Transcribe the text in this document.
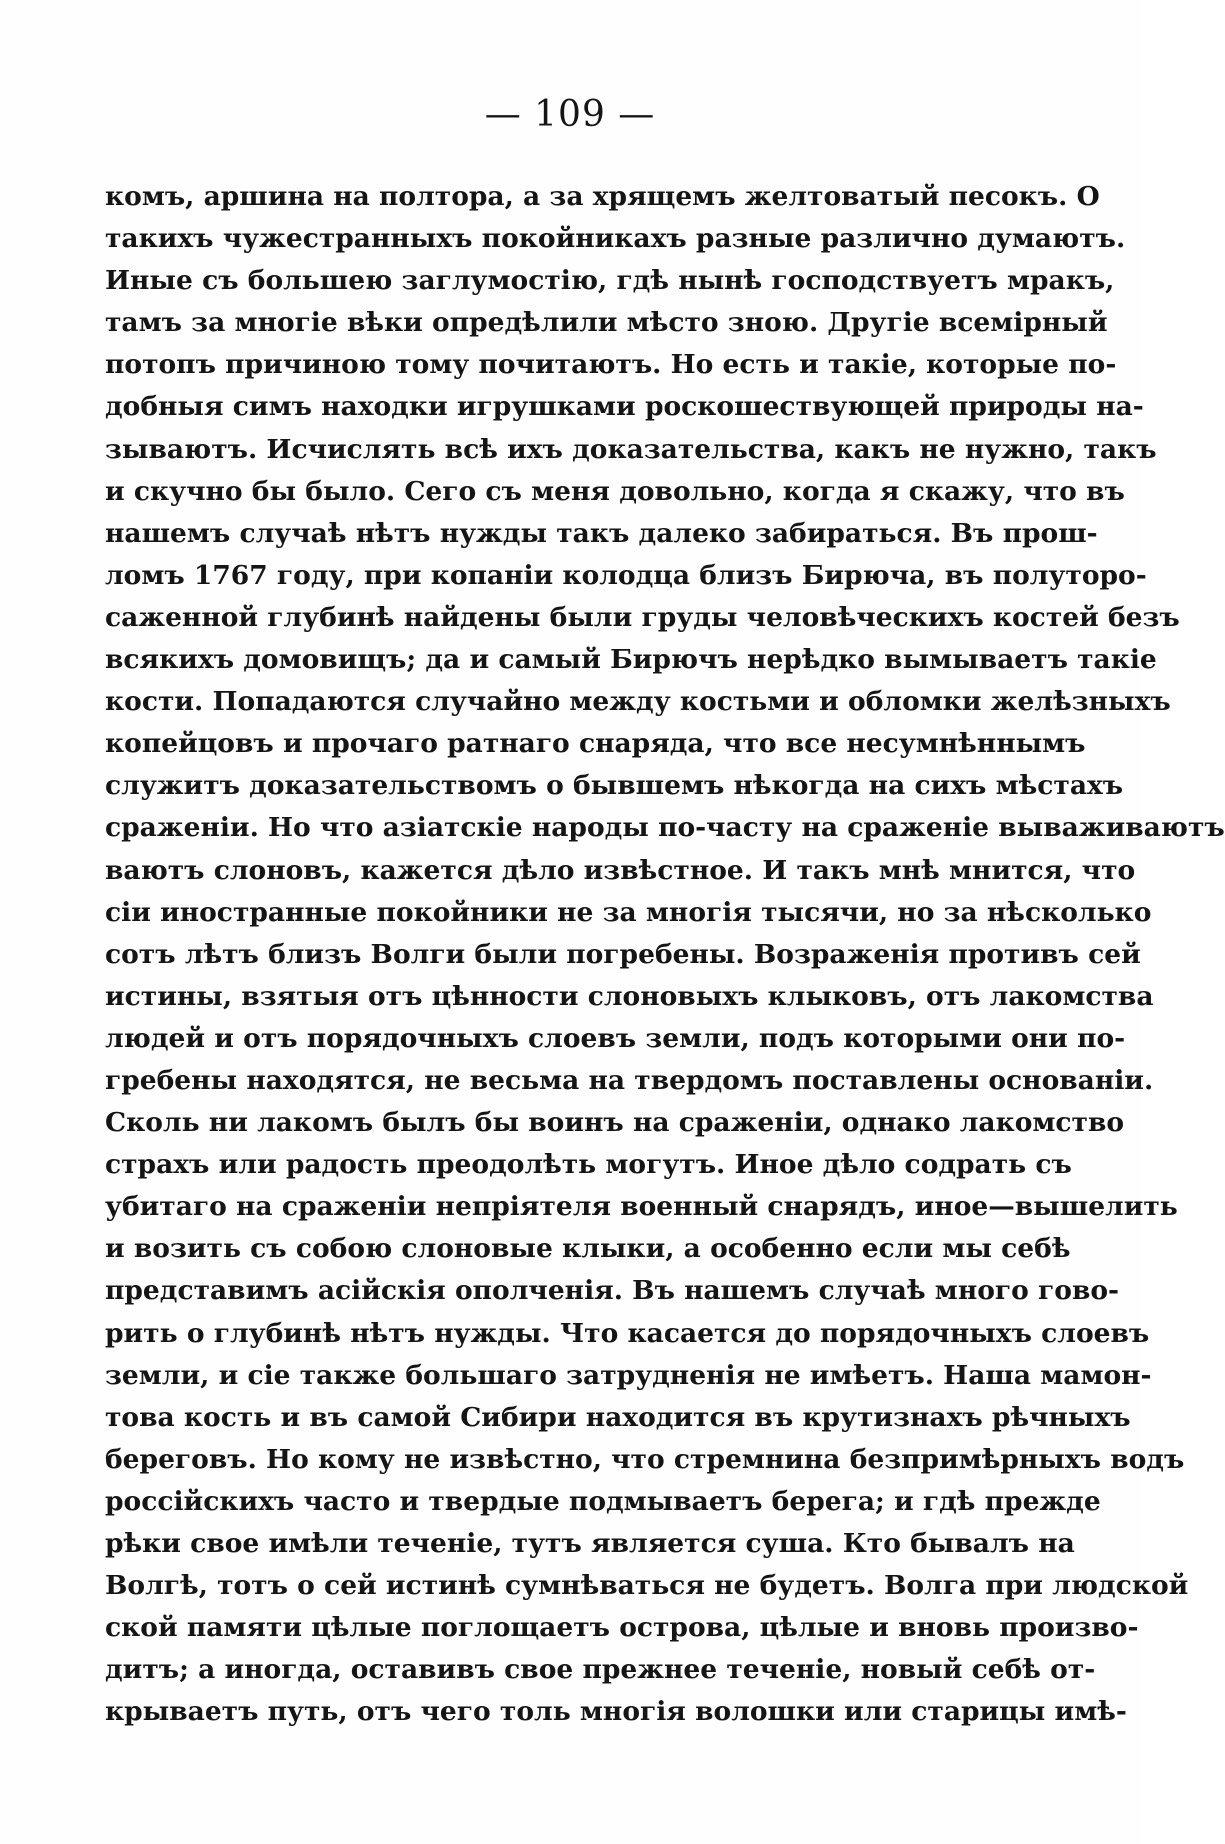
— 109 —
комъ, аршина на полтора, а за хрящемъ желтоватый песокъ. О
такихъ чужестранныхъ покойникахъ разные различно думаютъ.
Иные съ большею заглумостію, гдѣ нынѣ господствуетъ мракъ,
тамъ за многіе вѣки опредѣлили мѣсто зною. Другіе всемірный
потопъ причиною тому почитаютъ. Но есть и такіе, которые по-
добныя симъ находки игрушками роскошествующей природы на-
зываютъ. Исчислять всѣ ихъ доказательства, какъ не нужно, такъ
и скучно бы было. Сего съ меня довольно, когда я скажу, что въ
нашемъ случаѣ нѣтъ нужды такъ далеко забираться. Въ прош-
ломъ 1767 году, при копаніи колодца близъ Бирюча, въ полуторо-
саженной глубинѣ найдены были груды человѣческихъ костей безъ
всякихъ домовищъ; да и самый Бирючъ нерѣдко вымываетъ такіе
кости. Попадаются случайно между костьми и обломки желѣзныхъ
копейцовъ и прочаго ратнаго снаряда, что все несумнѣннымъ
служитъ доказательствомъ о бывшемъ нѣкогда на сихъ мѣстахъ
сраженіи. Но что азіатскіе народы по-часту на сраженіе вываживаютъ
ваютъ слоновъ, кажется дѣло извѣстное. И такъ мнѣ мнится, что
сіи иностранные покойники не за многія тысячи, но за нѣсколько
сотъ лѣтъ близъ Волги были погребены. Возраженія противъ сей
истины, взятыя отъ цѣнности слоновыхъ клыковъ, отъ лакомства
людей и отъ порядочныхъ слоевъ земли, подъ которыми они по-
гребены находятся, не весьма на твердомъ поставлены основаніи.
Сколь ни лакомъ былъ бы воинъ на сраженіи, однако лакомство
страхъ или радость преодолѣть могутъ. Иное дѣло содрать съ
убитаго на сраженіи непріятеля военный снарядъ, иное—вышелить
и возить съ собою слоновые клыки, а особенно если мы себѣ
представимъ асійскія ополченія. Въ нашемъ случаѣ много гово-
рить о глубинѣ нѣтъ нужды. Что касается до порядочныхъ слоевъ
земли, и сіе также большаго затрудненія не имѣетъ. Наша мамон-
това кость и въ самой Сибири находится въ крутизнахъ рѣчныхъ
береговъ. Но кому не извѣстно, что стремнина безпримѣрныхъ водъ
россійскихъ часто и твердые подмываетъ берега; и гдѣ прежде
рѣки свое имѣли теченіе, тутъ является суша. Кто бывалъ на
Волгѣ, тотъ о сей истинѣ сумнѣваться не будетъ. Волга при людской
ской памяти цѣлые поглощаетъ острова, цѣлые и вновь произво-
дитъ; а иногда, оставивъ свое прежнее теченіе, новый себѣ от-
крываетъ путь, отъ чего толь многія волошки или старицы имѣ-
